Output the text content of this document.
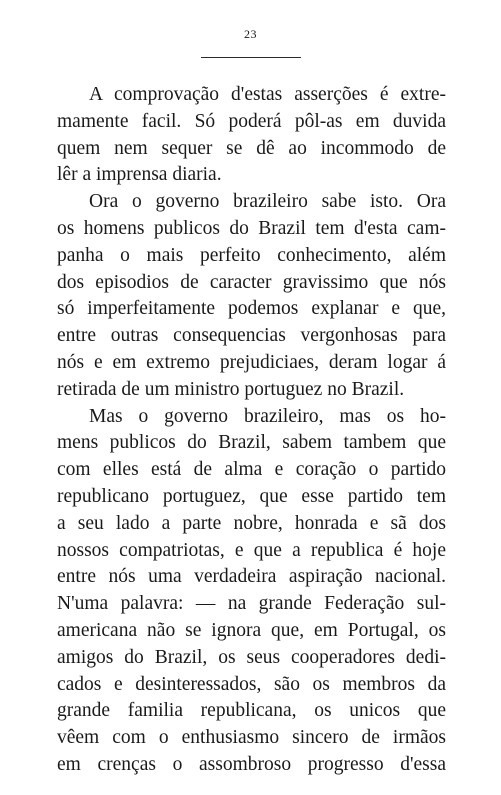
23
A comprovação d'estas asserções é extre-
mamente facil. Só poderá pôl-as em duvida
quem nem sequer se dê ao incommodo de
lêr a imprensa diaria.
Ora o governo brazileiro sabe isto. Ora
os homens publicos do Brazil tem d'esta cam-
panha o mais perfeito conhecimento, além
dos episodios de caracter gravissimo que nós
só imperfeitamente podemos explanar e que,
entre outras consequencias vergonhosas para
nós e em extremo prejudiciaes, deram logar á
retirada de um ministro portuguez no Brazil.
Mas o governo brazileiro, mas os ho-
mens publicos do Brazil, sabem tambem que
com elles está de alma e coração o partido
republicano portuguez, que esse partido tem
a seu lado a parte nobre, honrada e sã dos
nossos compatriotas, e que a republica é hoje
entre nós uma verdadeira aspiração nacional.
N'uma palavra: — na grande Federação sul-
americana não se ignora que, em Portugal, os
amigos do Brazil, os seus cooperadores dedi-
cados e desinteressados, são os membros da
grande familia republicana, os unicos que
vêem com o enthusiasmo sincero de irmãos
em crenças o assombroso progresso d'essa
